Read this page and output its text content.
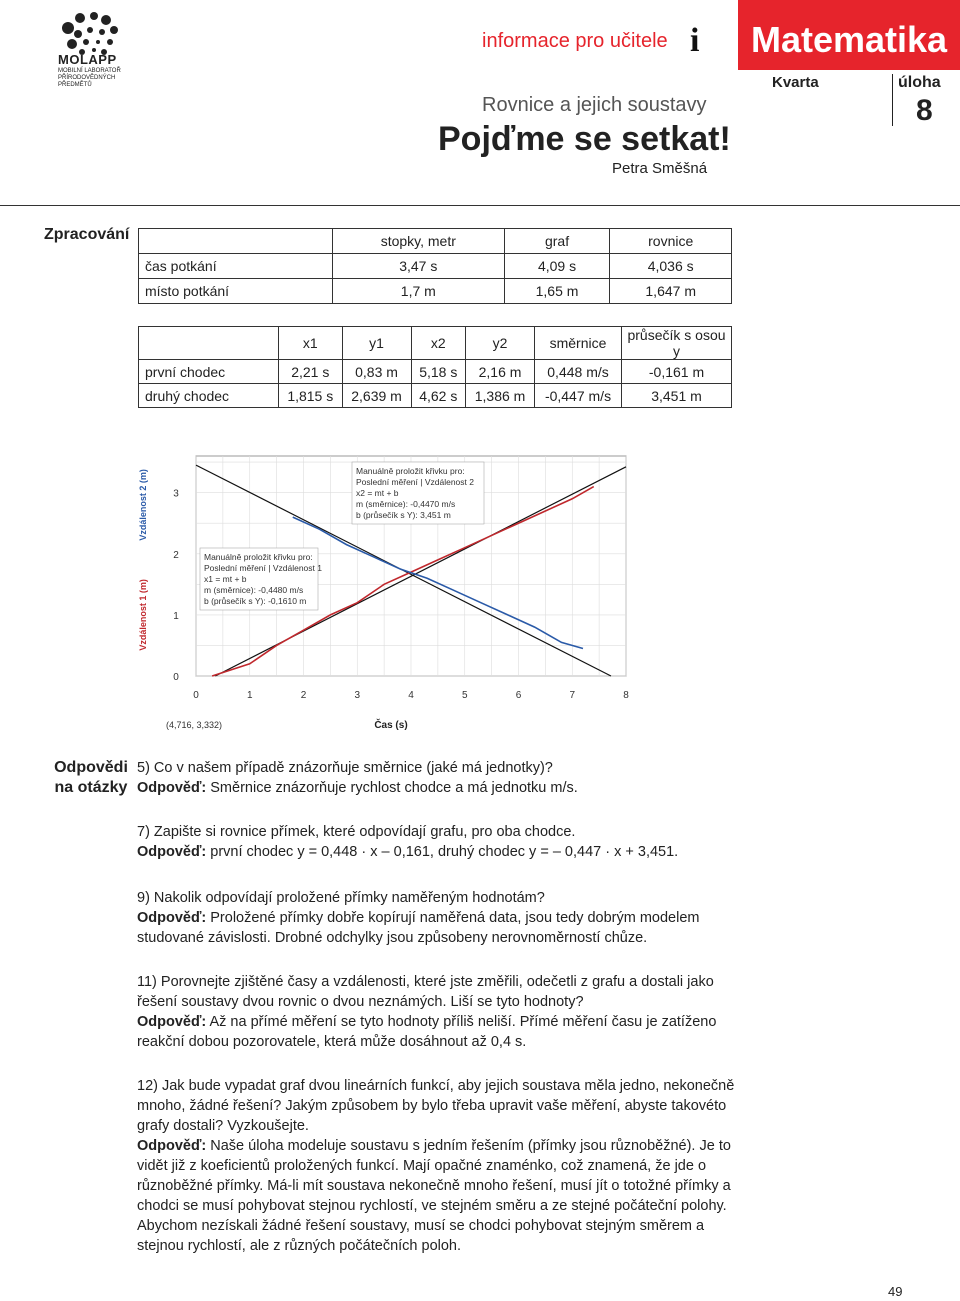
MOLAPP
MOBILNÍ LABORATOŘ PŘÍRODOVĚDNÝCH PŘEDMĚTŮ
informace pro učitele i	Matematika
Kvarta	úloha
8
Rovnice a jejich soustavy
Pojďme se setkat!
Petra Směšná
Zpracování
		stopky, metr	graf	rovnice
čas potkání	3,47 s	4,09 s	4,036 s
místo potkání	1,7 m	1,65 m	1,647 m
	x1	y1	x2	y2	směrnice	průsečík s osou y
první chodec	2,21 s	0,83 m	5,18 s	2,16 m	0,448 m/s	-0,161 m
druhý chodec	1,815 s	2,639 m	4,62 s	1,386 m	-0,447 m/s	3,451 m
0	1	2	3	4	5	6	7	8
0
1
2
3
Manuálně proložit křivku pro:
Poslední měření | Vzdálenost 2
x2 = mt + b
m (směrnice): -0,4470 m/s
b (průsečík s Y): 3,451 m
Manuálně proložit křivku pro:
Poslední měření | Vzdálenost 1
x1 = mt + b
m (směrnice): -0,4480 m/s
b (průsečík s Y): -0,1610 m
Čas (s)
(4,716, 3,332)
Vzdálenost 1 (m)
Vzdálenost 2 (m)
Odpovědi
na otázky
5) Co v našem případě znázorňuje směrnice (jaké má jednotky)?
Odpověď: Směrnice znázorňuje rychlost chodce a má jednotku m/s.
7) Zapište si rovnice přímek, které odpovídají grafu, pro oba chodce.
Odpověď: první chodec y = 0,448 · x – 0,161, druhý chodec y = – 0,447 · x + 3,451.
9) Nakolik odpovídají proložené přímky naměřeným hodnotám?
Odpověď: Proložené přímky dobře kopírují naměřená data, jsou tedy dobrým modelem studované závislosti. Drobné odchylky jsou způsobeny nerovnoměrností chůze.
11) Porovnejte zjištěné časy a vzdálenosti, které jste změřili, odečetli z grafu a dostali jako řešení soustavy dvou rovnic o dvou neznámých. Liší se tyto hodnoty?
Odpověď: Až na přímé měření se tyto hodnoty příliš neliší. Přímé měření času je zatíženo reakční dobou pozorovatele, která může dosáhnout až 0,4 s.
12) Jak bude vypadat graf dvou lineárních funkcí, aby jejich soustava měla jedno, nekonečně mnoho, žádné řešení? Jakým způsobem by bylo třeba upravit vaše měření, abyste takovéto grafy dostali? Vyzkoušejte.
Odpověď: Naše úloha modeluje soustavu s jedním řešením (přímky jsou různoběžné). Je to vidět již z koeficientů proložených funkcí. Mají opačné znaménko, což znamená, že jde o různoběžné přímky. Má-li mít soustava nekonečně mnoho řešení, musí jít o totožné přímky a chodci se musí pohybovat stejnou rychlostí, ve stejném směru a ze stejné počáteční polohy. Abychom nezískali žádné řešení soustavy, musí se chodci pohybovat stejným směrem a stejnou rychlostí, ale z různých počátečních poloh.
49
